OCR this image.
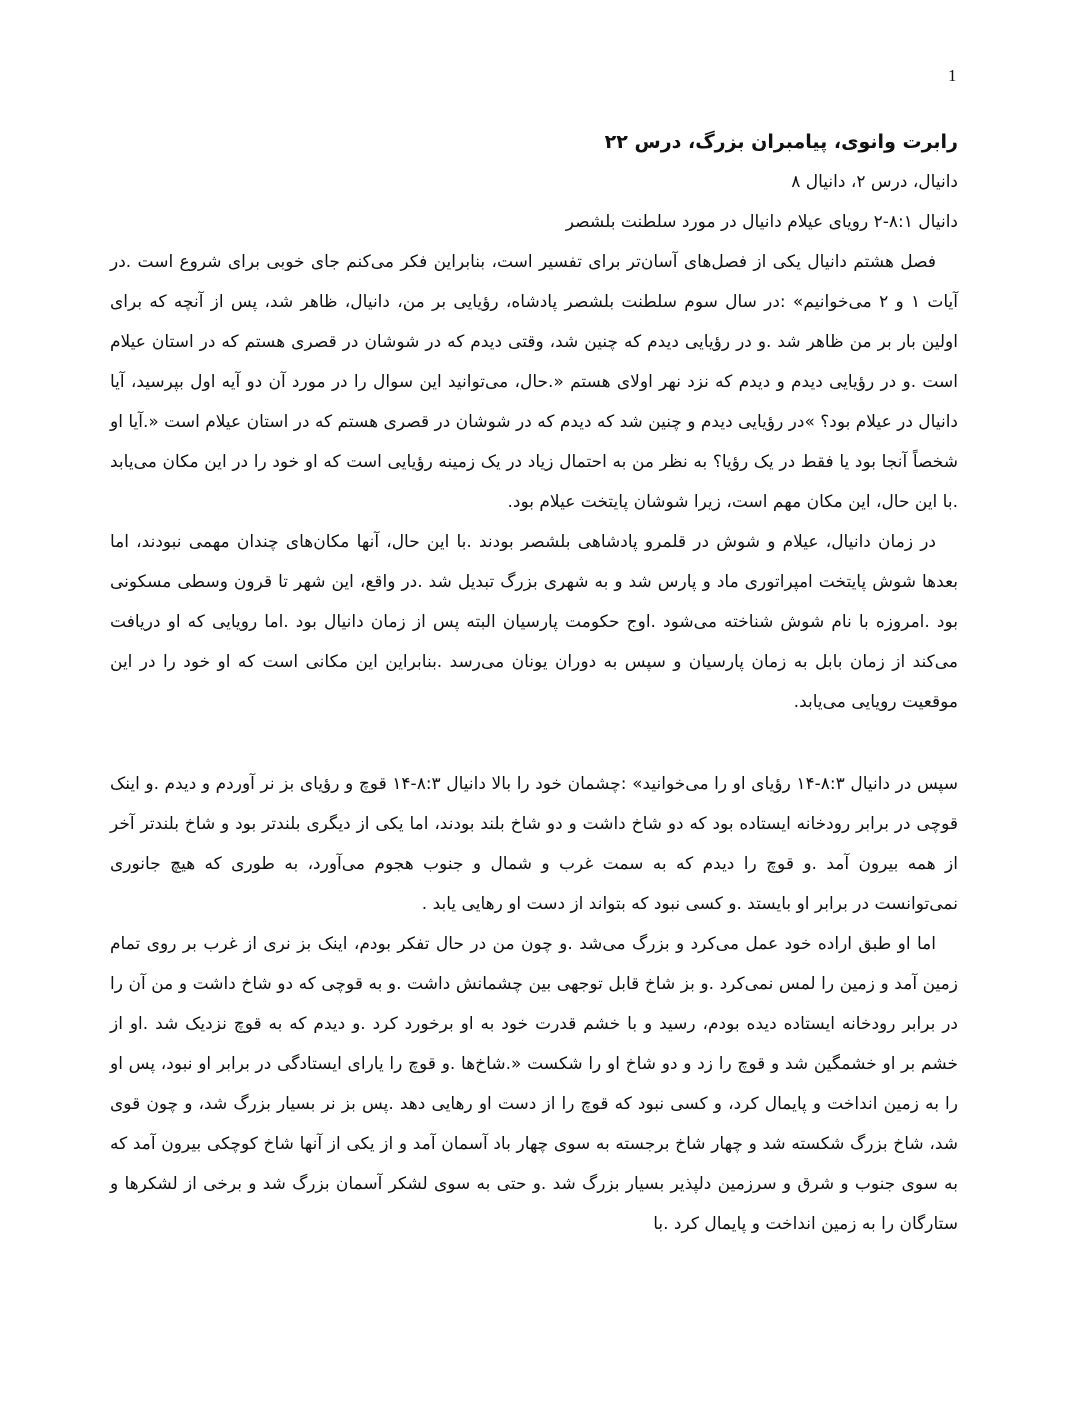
1

رابرت وانوی، پیامبران بزرگ، درس ۲۲

دانیال، درس ۲، دانیال ۸

دانیال ۸:۱-۲ رویای عیلام دانیال در مورد سلطنت بلشصر

فصل هشتم دانیال یکی از فصل‌های آسان‌تر برای تفسیر است، بنابراین فکر می‌کنم جای خوبی برای شروع است .در آیات ۱ و ۲ می‌خوانیم» :در سال سوم سلطنت بلشصر پادشاه، رؤیایی بر من، دانیال، ظاهر شد، پس از آنچه که برای اولین بار بر من ظاهر شد .و در رؤیایی دیدم که چنین شد، وقتی دیدم که در شوشان در قصری هستم که در استان عیلام است .و در رؤیایی دیدم و دیدم که نزد نهر اولای هستم «.حال، می‌توانید این سوال را در مورد آن دو آیه اول بپرسید، آیا دانیال در عیلام بود؟ »در رؤیایی دیدم و چنین شد که دیدم که در شوشان در قصری هستم که در استان عیلام است «.آیا او شخصاً آنجا بود یا فقط در یک رؤیا؟ به نظر من به احتمال زیاد در یک زمینه رؤیایی است که او خود را در این مکان می‌یابد .با این حال، این مکان مهم است، زیرا شوشان پایتخت عیلام بود.

در زمان دانیال، عیلام و شوش در قلمرو پادشاهی بلشصر بودند .با این حال، آنها مکان‌های چندان مهمی نبودند، اما بعدها شوش پایتخت امپراتوری ماد و پارس شد و به شهری بزرگ تبدیل شد .در واقع، این شهر تا قرون وسطی مسکونی بود .امروزه با نام شوش شناخته می‌شود .اوج حکومت پارسیان البته پس از زمان دانیال بود .اما رویایی که او دریافت می‌کند از زمان بابل به زمان پارسیان و سپس به دوران یونان می‌رسد .بنابراین این مکانی است که او خود را در این موقعیت رویایی می‌یابد.

سپس در دانیال ۸:۳-۱۴ رؤیای او را می‌خوانید» :چشمان خود را بالا دانیال ۸:۳-۱۴ قوچ و رؤیای بز نر آوردم و دیدم .و اینک قوچی در برابر رودخانه ایستاده بود که دو شاخ داشت و دو شاخ بلند بودند، اما یکی از دیگری بلندتر بود و شاخ بلندتر آخر از همه بیرون آمد .و قوچ را دیدم که به سمت غرب و شمال و جنوب هجوم می‌آورد، به طوری که هیچ جانوری نمی‌توانست در برابر او بایستد .و کسی نبود که بتواند از دست او رهایی یابد .

اما او طبق اراده خود عمل می‌کرد و بزرگ می‌شد .و چون من در حال تفکر بودم، اینک بز نری از غرب بر روی تمام زمین آمد و زمین را لمس نمی‌کرد .و بز شاخ قابل توجهی بین چشمانش داشت .و به قوچی که دو شاخ داشت و من آن را در برابر رودخانه ایستاده دیده بودم، رسید و با خشم قدرت خود به او برخورد کرد .و دیدم که به قوچ نزدیک شد .او از خشم بر او خشمگین شد و قوچ را زد و دو شاخ او را شکست «.شاخ‌ها .و قوچ را یارای ایستادگی در برابر او نبود، پس او را به زمین انداخت و پایمال کرد، و کسی نبود که قوچ را از دست او رهایی دهد .پس بز نر بسیار بزرگ شد، و چون قوی شد، شاخ بزرگ شکسته شد و چهار شاخ برجسته به سوی چهار باد آسمان آمد و از یکی از آنها شاخ کوچکی بیرون آمد که به سوی جنوب و شرق و سرزمین دلپذیر بسیار بزرگ شد .و حتی به سوی لشکر آسمان بزرگ شد و برخی از لشکرها و ستارگان را به زمین انداخت و پایمال کرد .با
